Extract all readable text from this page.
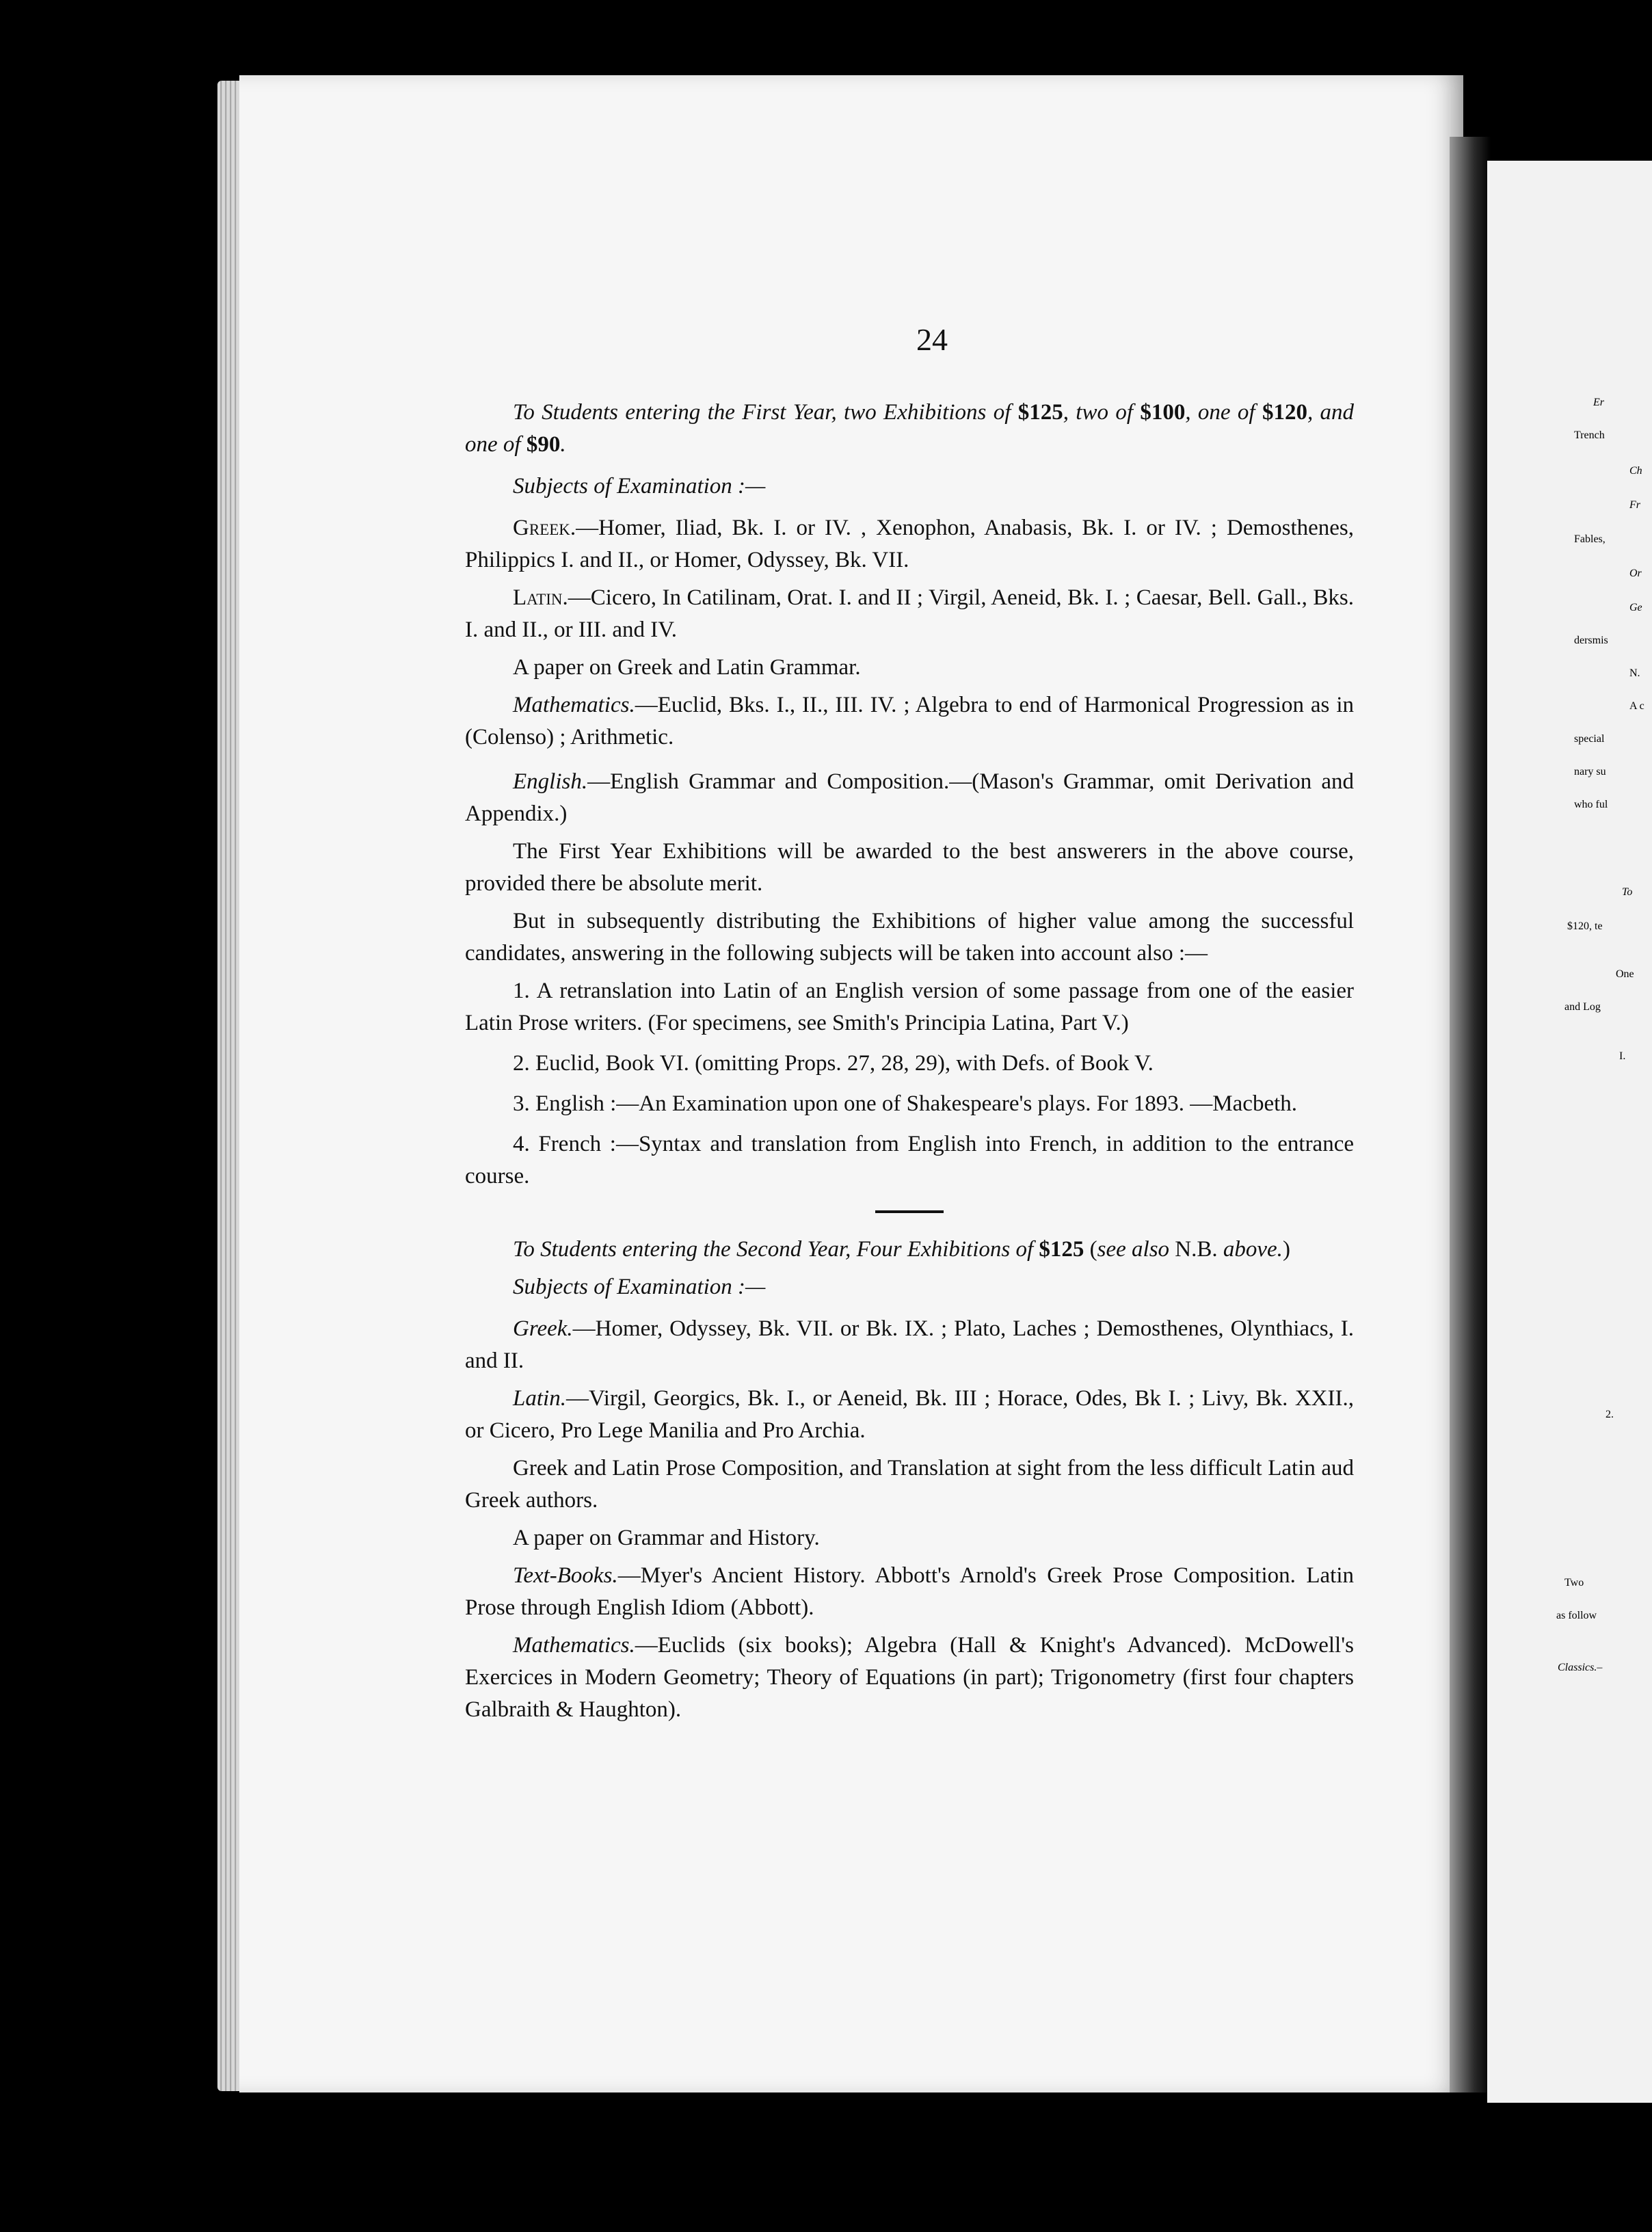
24

To Students entering the First Year, two Exhibitions of $125, two of $100, one of $120, and one of $90.

Subjects of Examination :—

Greek.—Homer, Iliad, Bk. I. or IV. , Xenophon, Anabasis, Bk. I. or IV. ; Demosthenes, Philippics I. and II., or Homer, Odyssey, Bk. VII.

Latin.—Cicero, In Catilinam, Orat. I. and II ; Virgil, Aeneid, Bk. I. ; Caesar, Bell. Gall., Bks. I. and II., or III. and IV.

A paper on Greek and Latin Grammar.

Mathematics.—Euclid, Bks. I., II., III. IV. ; Algebra to end of Harmonical Progression as in (Colenso) ; Arithmetic.

English.—English Grammar and Composition.—(Mason's Grammar, omit Derivation and Appendix.)

The First Year Exhibitions will be awarded to the best answerers in the above course, provided there be absolute merit.

But in subsequently distributing the Exhibitions of higher value among the successful candidates, answering in the following subjects will be taken into account also :—

1. A retranslation into Latin of an English version of some passage from one of the easier Latin Prose writers. (For specimens, see Smith's Principia Latina, Part V.)

2. Euclid, Book VI. (omitting Props. 27, 28, 29), with Defs. of Book V.

3. English :—An Examination upon one of Shakespeare's plays. For 1893. —Macbeth.

4. French :—Syntax and translation from English into French, in addition to the entrance course.

To Students entering the Second Year, Four Exhibitions of $125 (see also N.B. above.)

Subjects of Examination :—

Greek.—Homer, Odyssey, Bk. VII. or Bk. IX. ; Plato, Laches ; Demosthenes, Olynthiacs, I. and II.

Latin.—Virgil, Georgics, Bk. I., or Aeneid, Bk. III ; Horace, Odes, Bk I. ; Livy, Bk. XXII., or Cicero, Pro Lege Manilia and Pro Archia.

Greek and Latin Prose Composition, and Translation at sight from the less difficult Latin aud Greek authors.

A paper on Grammar and History.

Text-Books.—Myer's Ancient History. Abbott's Arnold's Greek Prose Composition. Latin Prose through English Idiom (Abbott).

Mathematics.—Euclids (six books); Algebra (Hall & Knight's Advanced). McDowell's Exercices in Modern Geometry; Theory of Equations (in part); Trigonometry (first four chapters Galbraith & Haughton).

Er
Trench
Ch
Fr
Fables,
Or
Ge
dersmis
N.
A c
special
nary su
who ful
To
$120, te
One
and Log
I.
2.
Two
as follow
Classics.–
